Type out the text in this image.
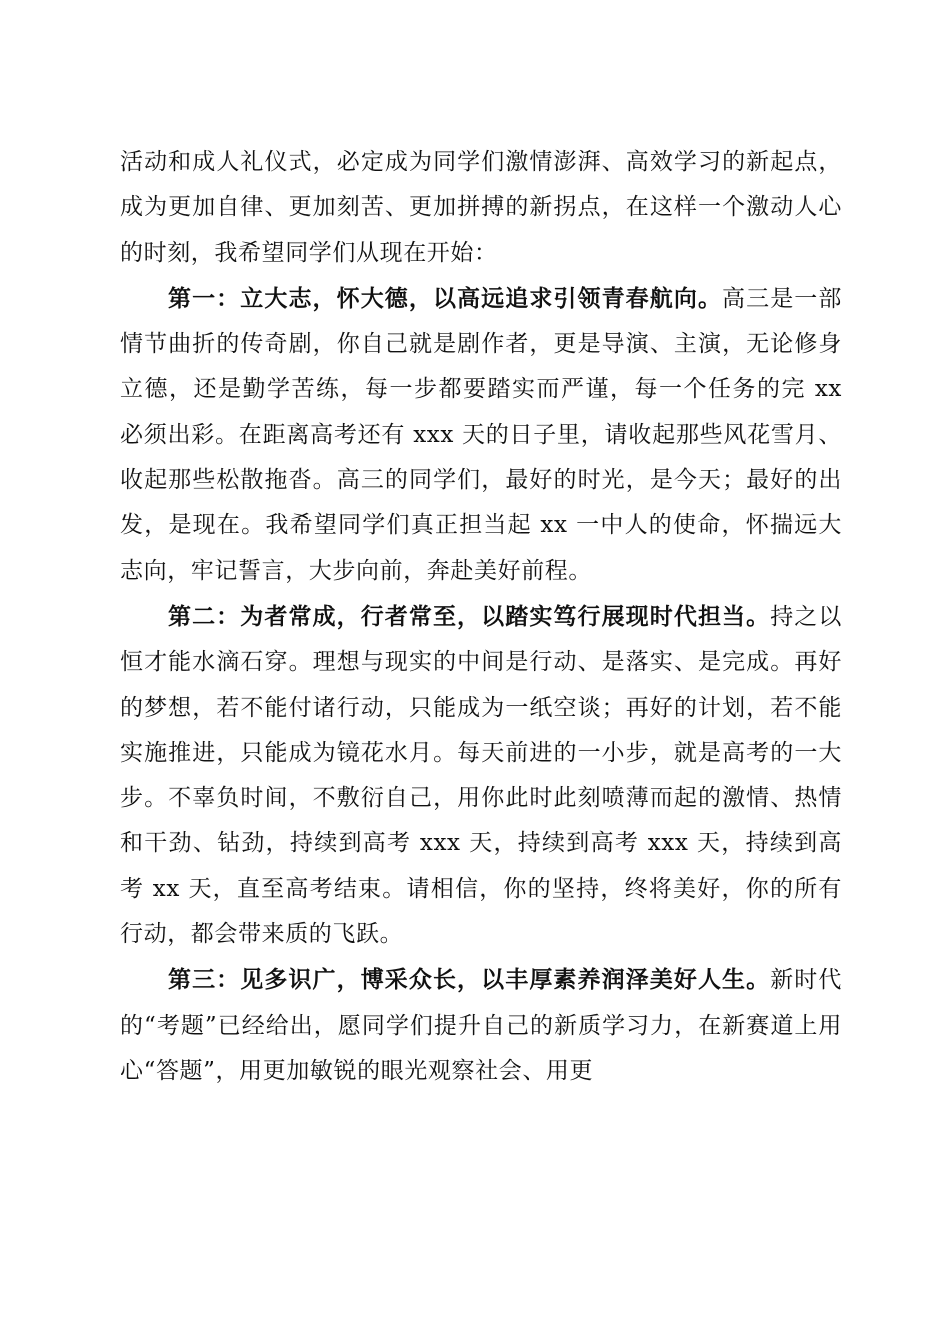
活动和成人礼仪式，必定成为同学们激情澎湃、高效学习的新起点，成为更加自律、更加刻苦、更加拼搏的新拐点，在这样一个激动人心的时刻，我希望同学们从现在开始：

第一：立大志，怀大德，以高远追求引领青春航向。高三是一部情节曲折的传奇剧，你自己就是剧作者，更是导演、主演，无论修身立德，还是勤学苦练，每一步都要踏实而严谨，每一个任务的完 xx 必须出彩。在距离高考还有 xxx 天的日子里，请收起那些风花雪月、收起那些松散拖沓。高三的同学们，最好的时光，是今天；最好的出发，是现在。我希望同学们真正担当起 xx 一中人的使命，怀揣远大志向，牢记誓言，大步向前，奔赴美好前程。

第二：为者常成，行者常至，以踏实笃行展现时代担当。持之以恒才能水滴石穿。理想与现实的中间是行动、是落实、是完成。再好的梦想，若不能付诸行动，只能成为一纸空谈；再好的计划，若不能实施推进，只能成为镜花水月。每天前进的一小步，就是高考的一大步。不辜负时间，不敷衍自己，用你此时此刻喷薄而起的激情、热情和干劲、钻劲，持续到高考 xxx 天，持续到高考 xxx 天，持续到高考 xx 天，直至高考结束。请相信，你的坚持，终将美好，你的所有行动，都会带来质的飞跃。

第三：见多识广，博采众长，以丰厚素养润泽美好人生。新时代的“考题”已经给出，愿同学们提升自己的新质学习力，在新赛道上用心“答题”，用更加敏锐的眼光观察社会、用更
